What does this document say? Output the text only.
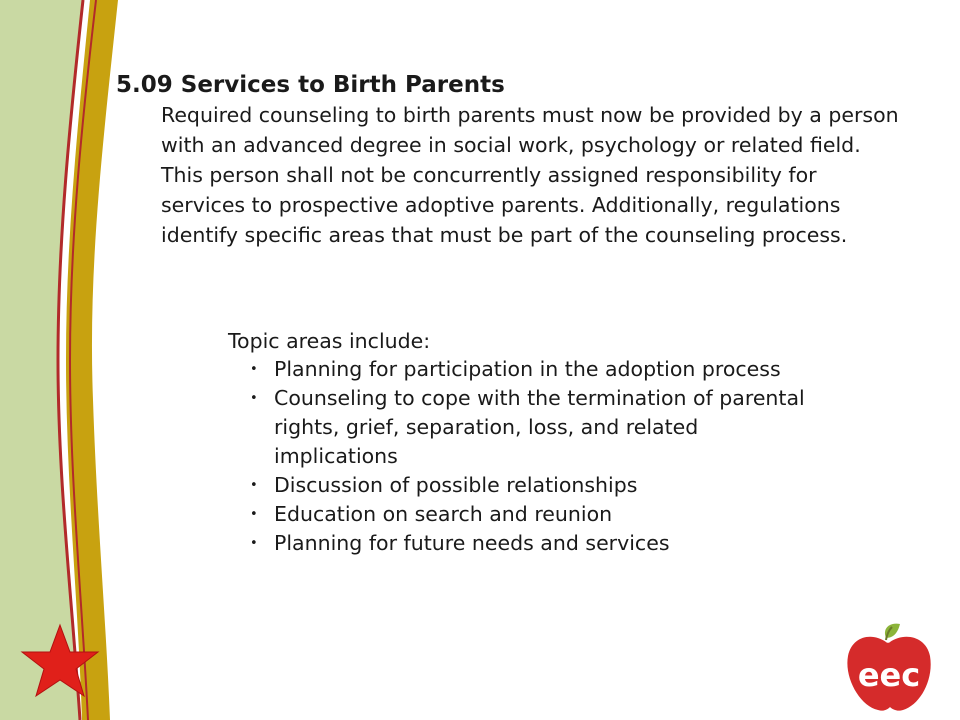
5.09 Services to Birth Parents

Required counseling to birth parents must now be provided by a person with an advanced degree in social work, psychology or related field. This person shall not be concurrently assigned responsibility for services to prospective adoptive parents. Additionally, regulations identify specific areas that must be part of the counseling process.

Topic areas include:

• Planning for participation in the adoption process
• Counseling to cope with the termination of parental rights, grief, separation, loss, and related implications
• Discussion of possible relationships
• Education on search and reunion
• Planning for future needs and services
eec
